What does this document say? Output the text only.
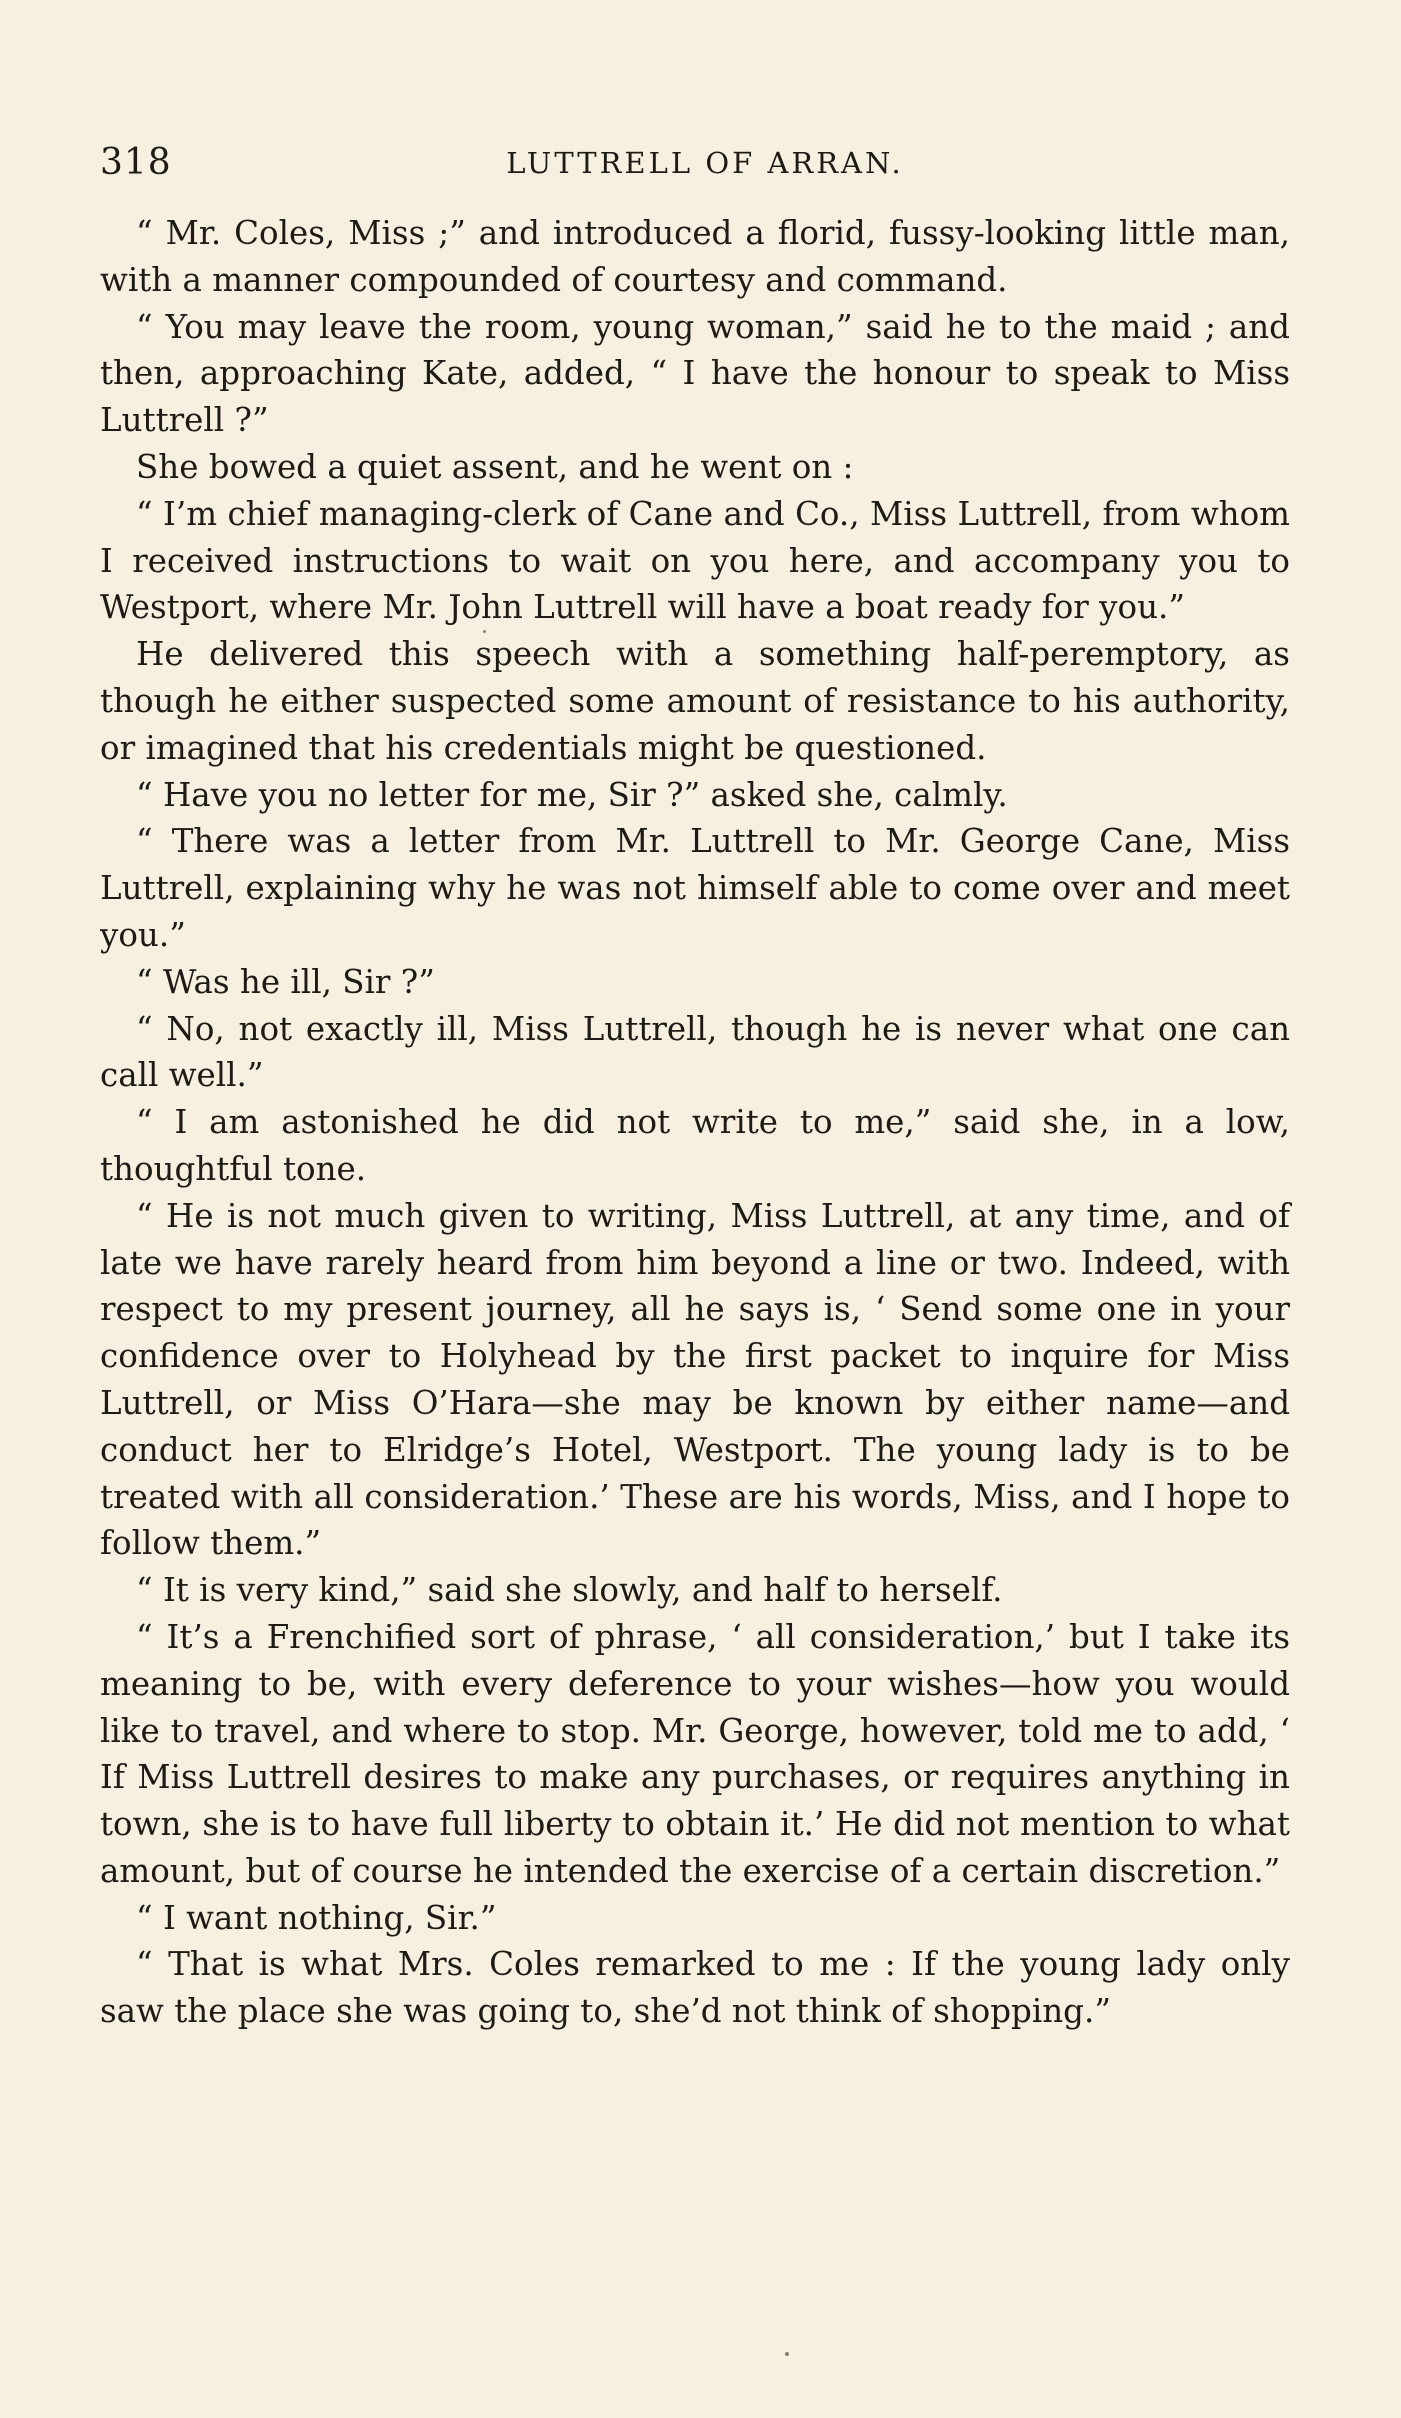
318	LUTTRELL OF ARRAN.

“ Mr. Coles, Miss ;” and introduced a florid, fussy-looking little man, with a manner compounded of courtesy and command.

“ You may leave the room, young woman,” said he to the maid ; and then, approaching Kate, added, “ I have the honour to speak to Miss Luttrell ?”

She bowed a quiet assent, and he went on :

“ I’m chief managing-clerk of Cane and Co., Miss Luttrell, from whom I received instructions to wait on you here, and accompany you to Westport, where Mr. John Luttrell will have a boat ready for you.”

He delivered this speech with a something half-peremptory, as though he either suspected some amount of resistance to his authority, or imagined that his credentials might be questioned.

“ Have you no letter for me, Sir ?” asked she, calmly.

“ There was a letter from Mr. Luttrell to Mr. George Cane, Miss Luttrell, explaining why he was not himself able to come over and meet you.”

“ Was he ill, Sir ?”

“ No, not exactly ill, Miss Luttrell, though he is never what one can call well.”

“ I am astonished he did not write to me,” said she, in a low, thoughtful tone.

“ He is not much given to writing, Miss Luttrell, at any time, and of late we have rarely heard from him beyond a line or two. Indeed, with respect to my present journey, all he says is, ‘ Send some one in your confidence over to Holyhead by the first packet to inquire for Miss Luttrell, or Miss O’Hara—she may be known by either name—and conduct her to Elridge’s Hotel, Westport. The young lady is to be treated with all consideration.’ These are his words, Miss, and I hope to follow them.”

“ It is very kind,” said she slowly, and half to herself.

“ It’s a Frenchified sort of phrase, ‘ all consideration,’ but I take its meaning to be, with every deference to your wishes—how you would like to travel, and where to stop. Mr. George, however, told me to add, ‘ If Miss Luttrell desires to make any purchases, or requires anything in town, she is to have full liberty to obtain it.’ He did not mention to what amount, but of course he intended the exercise of a certain discretion.”

“ I want nothing, Sir.”

“ That is what Mrs. Coles remarked to me : If the young lady only saw the place she was going to, she’d not think of shopping.”
